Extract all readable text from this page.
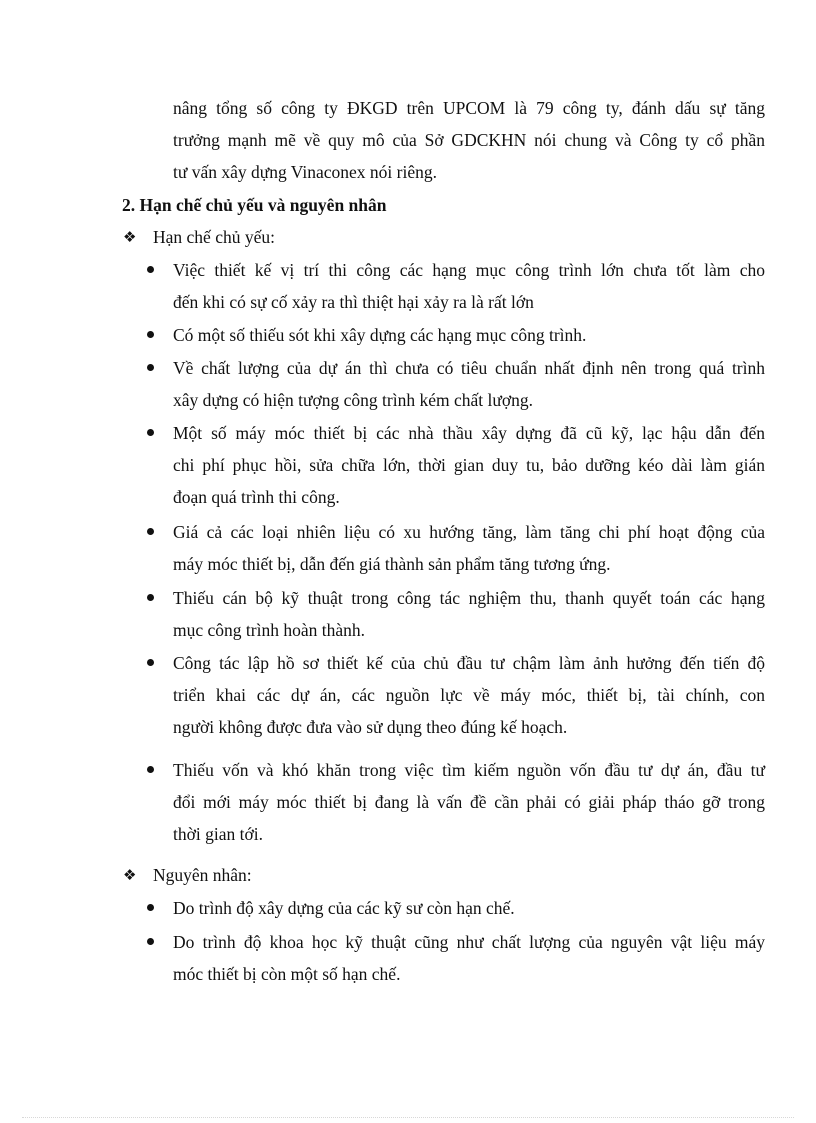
nâng tổng số công ty ĐKGD trên UPCOM là 79 công ty, đánh dấu sự tăng
trưởng mạnh mẽ về quy mô của Sở GDCKHN nói chung và Công ty cổ phần
tư vấn xây dựng Vinaconex nói riêng.
2. Hạn chế chủ yếu và nguyên nhân
❖ Hạn chế chủ yếu:
Việc thiết kế vị trí thi công các hạng mục công trình lớn chưa tốt làm cho
đến khi có sự cố xảy ra thì thiệt hại xảy ra là rất lớn
Có một số thiếu sót khi xây dựng các hạng mục công trình.
Về chất lượng của dự án thì chưa có tiêu chuẩn nhất định nên trong quá trình
xây dựng có hiện tượng công trình kém chất lượng.
Một số máy móc thiết bị các nhà thầu xây dựng đã cũ kỹ, lạc hậu dẫn đến
chi phí phục hồi, sửa chữa lớn, thời gian duy tu, bảo dưỡng kéo dài làm gián
đoạn quá trình thi công.
Giá cả các loại nhiên liệu có xu hướng tăng, làm tăng chi phí hoạt động của
máy móc thiết bị, dẫn đến giá thành sản phẩm tăng tương ứng.
Thiếu cán bộ kỹ thuật trong công tác nghiệm thu, thanh quyết toán các hạng
mục công trình hoàn thành.
Công tác lập hồ sơ thiết kế của chủ đầu tư chậm làm ảnh hưởng đến tiến độ
triển khai các dự án, các nguồn lực về máy móc, thiết bị, tài chính, con
người không được đưa vào sử dụng theo đúng kế hoạch.
Thiếu vốn và khó khăn trong việc tìm kiếm nguồn vốn đầu tư dự án, đầu tư
đổi mới máy móc thiết bị đang là vấn đề cần phải có giải pháp tháo gỡ trong
thời gian tới.
❖ Nguyên nhân:
Do trình độ xây dựng của các kỹ sư còn hạn chế.
Do trình độ khoa học kỹ thuật cũng như chất lượng của nguyên vật liệu máy
móc thiết bị còn một số hạn chế.
